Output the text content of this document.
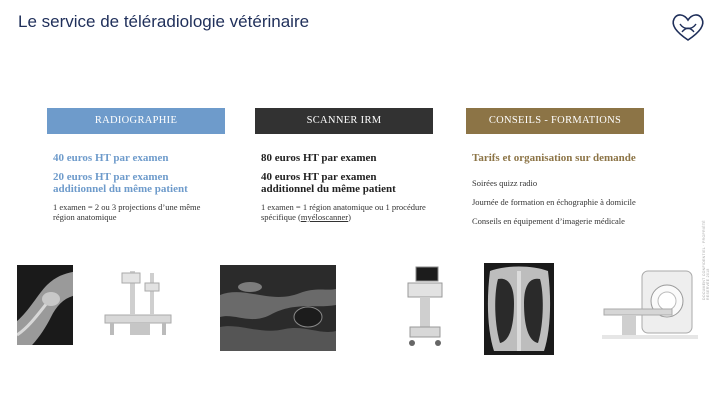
Le service de téléradiologie vétérinaire
RADIOGRAPHIE
40 euros HT par examen
20 euros HT par examen additionnel du même patient
1 examen = 2 ou 3 projections d’une même région anatomique
SCANNER IRM
80 euros HT par examen
40 euros HT par examen additionnel du même patient
1 examen = 1 région anatomique ou 1 procédure spécifique (myéloscanner)
CONSEILS - FORMATIONS
Tarifs et organisation sur demande
Soirées quizz radio
Journée de formation en échographie à domicile
Conseils en équipement d’imagerie médicale	DOCUMENT CONFIDENTIEL · PROPRIÉTÉ RESERVÉE 2018
